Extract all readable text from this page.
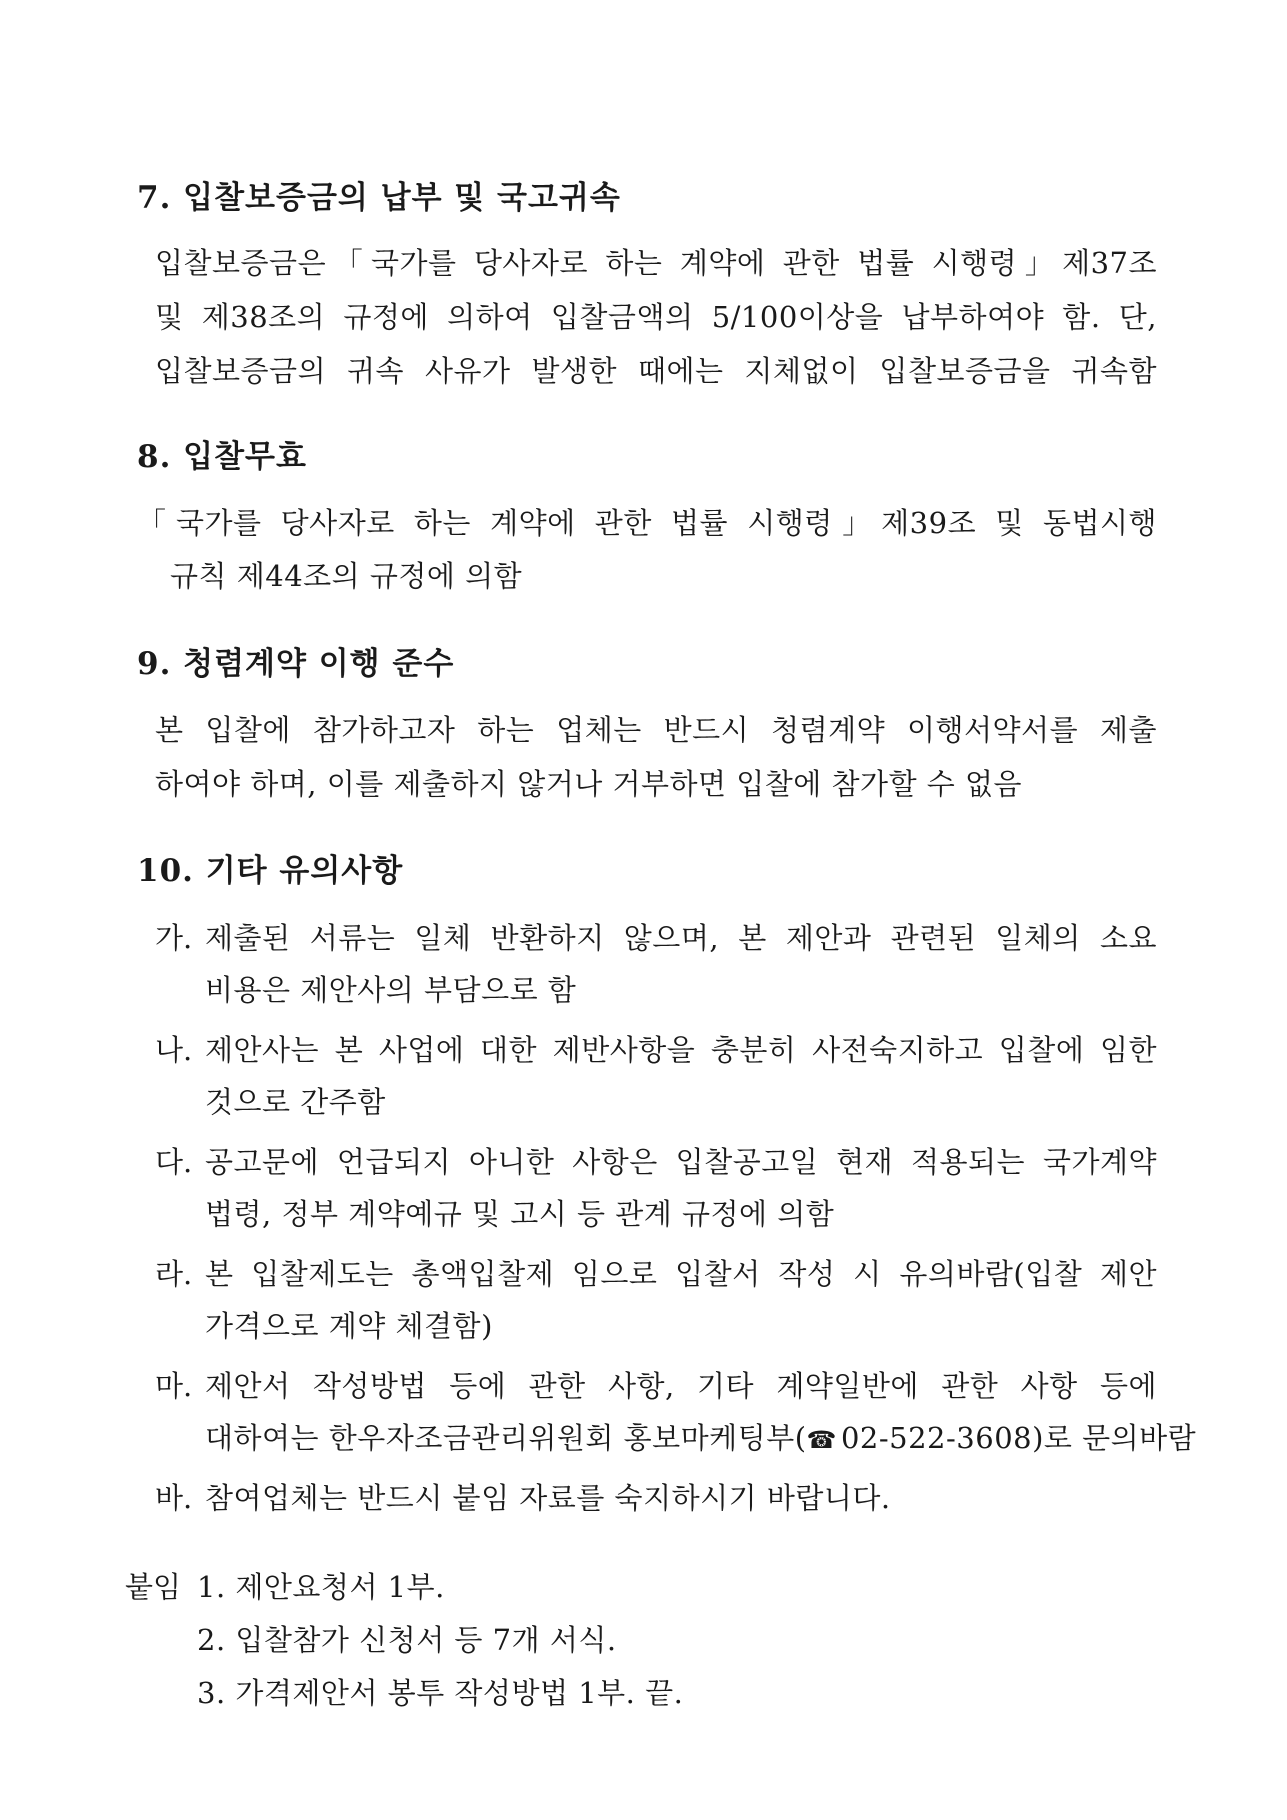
7. 입찰보증금의 납부 및 국고귀속
입찰보증금은「국가를 당사자로 하는 계약에 관한 법률 시행령」제37조
및 제38조의 규정에 의하여 입찰금액의 5/100이상을 납부하여야 함. 단,
입찰보증금의 귀속 사유가 발생한 때에는 지체없이 입찰보증금을 귀속함
8. 입찰무효
「국가를 당사자로 하는 계약에 관한 법률 시행령」제39조 및 동법시행
규칙 제44조의 규정에 의함
9. 청렴계약 이행 준수
본 입찰에 참가하고자 하는 업체는 반드시 청렴계약 이행서약서를 제출
하여야 하며, 이를 제출하지 않거나 거부하면 입찰에 참가할 수 없음
10. 기타 유의사항
가. 제출된 서류는 일체 반환하지 않으며, 본 제안과 관련된 일체의 소요
비용은 제안사의 부담으로 함
나. 제안사는 본 사업에 대한 제반사항을 충분히 사전숙지하고 입찰에 임한
것으로 간주함
다. 공고문에 언급되지 아니한 사항은 입찰공고일 현재 적용되는 국가계약
법령, 정부 계약예규 및 고시 등 관계 규정에 의함
라. 본 입찰제도는 총액입찰제 임으로 입찰서 작성 시 유의바람(입찰 제안
가격으로 계약 체결함)
마. 제안서 작성방법 등에 관한 사항, 기타 계약일반에 관한 사항 등에
대하여는 한우자조금관리위원회 홍보마케팅부(☎ 02-522-3608)로 문의바람
바. 참여업체는 반드시 붙임 자료를 숙지하시기 바랍니다.
붙임 1. 제안요청서 1부.
2. 입찰참가 신청서 등 7개 서식.
3. 가격제안서 봉투 작성방법 1부. 끝.
